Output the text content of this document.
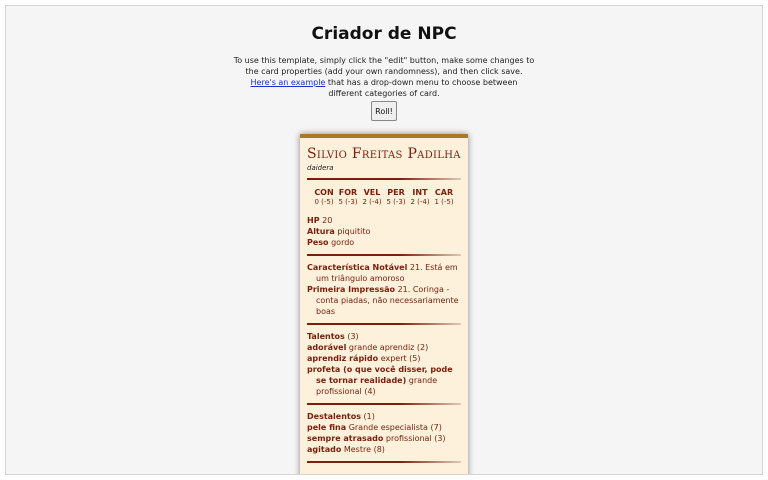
Criador de NPC
To use this template, simply click the "edit" button, make some changes to the card properties (add your own randomness), and then click save. Here's an example that has a drop-down menu to choose between different categories of card.
Roll!
Silvio Freitas Padilha
daidera
CON
0 (-5)
FOR
5 (-3)
VEL
2 (-4)
PER
5 (-3)
INT
2 (-4)
CAR
1 (-5)
HP 20
Altura piquitito
Peso gordo
Característica Notável 21. Está em um triângulo amoroso
Primeira Impressão 21. Coringa - conta piadas, não necessariamente boas
Talentos (3)
adorável grande aprendiz (2)
aprendiz rápido expert (5)
profeta (o que você disser, pode se tornar realidade) grande profissional (4)
Destalentos (1)
pele fina Grande especialista (7)
sempre atrasado profissional (3)
agitado Mestre (8)
